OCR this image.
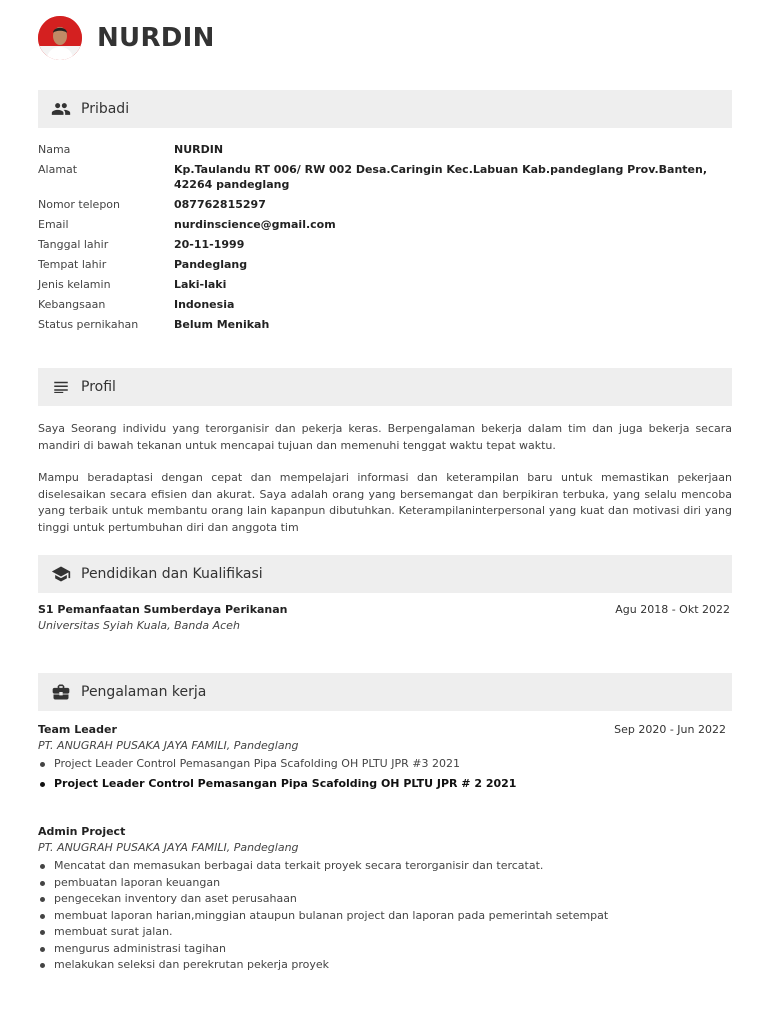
NURDIN
Pribadi
Nama	NURDIN
Alamat	Kp.Taulandu RT 006/ RW 002 Desa.Caringin Kec.Labuan Kab.pandeglang Prov.Banten, 42264 pandeglang
Nomor telepon	087762815297
Email	nurdinscience@gmail.com
Tanggal lahir	20-11-1999
Tempat lahir	Pandeglang
Jenis kelamin	Laki-laki
Kebangsaan	Indonesia
Status pernikahan	Belum Menikah
Profil

Saya Seorang individu yang terorganisir dan pekerja keras. Berpengalaman bekerja dalam tim dan juga bekerja secara mandiri di bawah tekanan untuk mencapai tujuan dan memenuhi tenggat waktu tepat waktu.

Mampu beradaptasi dengan cepat dan mempelajari informasi dan keterampilan baru untuk memastikan pekerjaan diselesaikan secara efisien dan akurat. Saya adalah orang yang bersemangat dan berpikiran terbuka, yang selalu mencoba yang terbaik untuk membantu orang lain kapanpun dibutuhkan. Keterampilaninterpersonal yang kuat dan motivasi diri yang tinggi untuk pertumbuhan diri dan anggota tim

Pendidikan dan Kualifikasi
S1 Pemanfaatan Sumberdaya Perikanan
Universitas Syiah Kuala, Banda Aceh
Agu 2018 - Okt 2022
Pengalaman kerja
Team Leader
PT. ANUGRAH PUSAKA JAYA FAMILI, Pandeglang
Sep 2020 - Jun 2022
Project Leader Control Pemasangan Pipa Scafolding OH PLTU JPR #3 2021
Project Leader Control Pemasangan Pipa Scafolding OH PLTU JPR # 2 2021
Admin Project
PT. ANUGRAH PUSAKA JAYA FAMILI, Pandeglang
Mencatat dan memasukan berbagai data terkait proyek secara terorganisir dan tercatat.
pembuatan laporan keuangan
pengecekan inventory dan aset perusahaan
membuat laporan harian,minggian ataupun bulanan project dan laporan pada pemerintah setempat
membuat surat jalan.
mengurus administrasi tagihan
melakukan seleksi dan perekrutan pekerja proyek
